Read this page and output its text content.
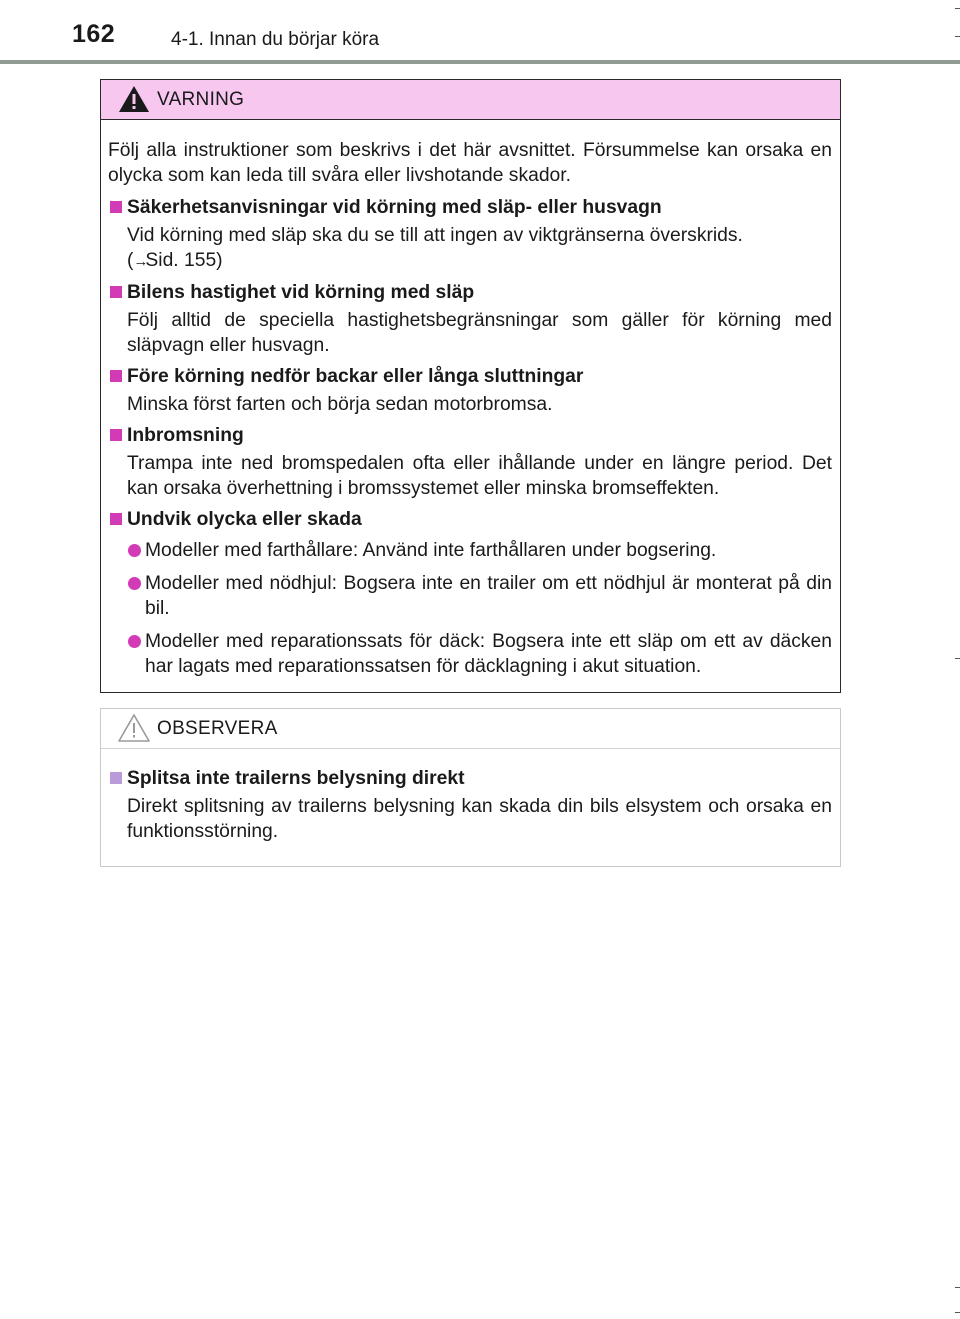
162	4-1. Innan du börjar köra
VARNING

Följ alla instruktioner som beskrivs i det här avsnittet. Försummelse kan orsaka en olycka som kan leda till svåra eller livshotande skador.

Säkerhetsanvisningar vid körning med släp- eller husvagn
Vid körning med släp ska du se till att ingen av viktgränserna överskrids.
(→Sid. 155)
Bilens hastighet vid körning med släp
Följ alltid de speciella hastighetsbegränsningar som gäller för körning med släpvagn eller husvagn.
Före körning nedför backar eller långa sluttningar
Minska först farten och börja sedan motorbromsa.
Inbromsning
Trampa inte ned bromspedalen ofta eller ihållande under en längre period. Det kan orsaka överhettning i bromssystemet eller minska bromseffekten.
Undvik olycka eller skada
Modeller med farthållare: Använd inte farthållaren under bogsering.
Modeller med nödhjul: Bogsera inte en trailer om ett nödhjul är monterat på din bil.
Modeller med reparationssats för däck: Bogsera inte ett släp om ett av däcken har lagats med reparationssatsen för däcklagning i akut situation.
OBSERVERA
Splitsa inte trailerns belysning direkt
Direkt splitsning av trailerns belysning kan skada din bils elsystem och orsaka en funktionsstörning.
